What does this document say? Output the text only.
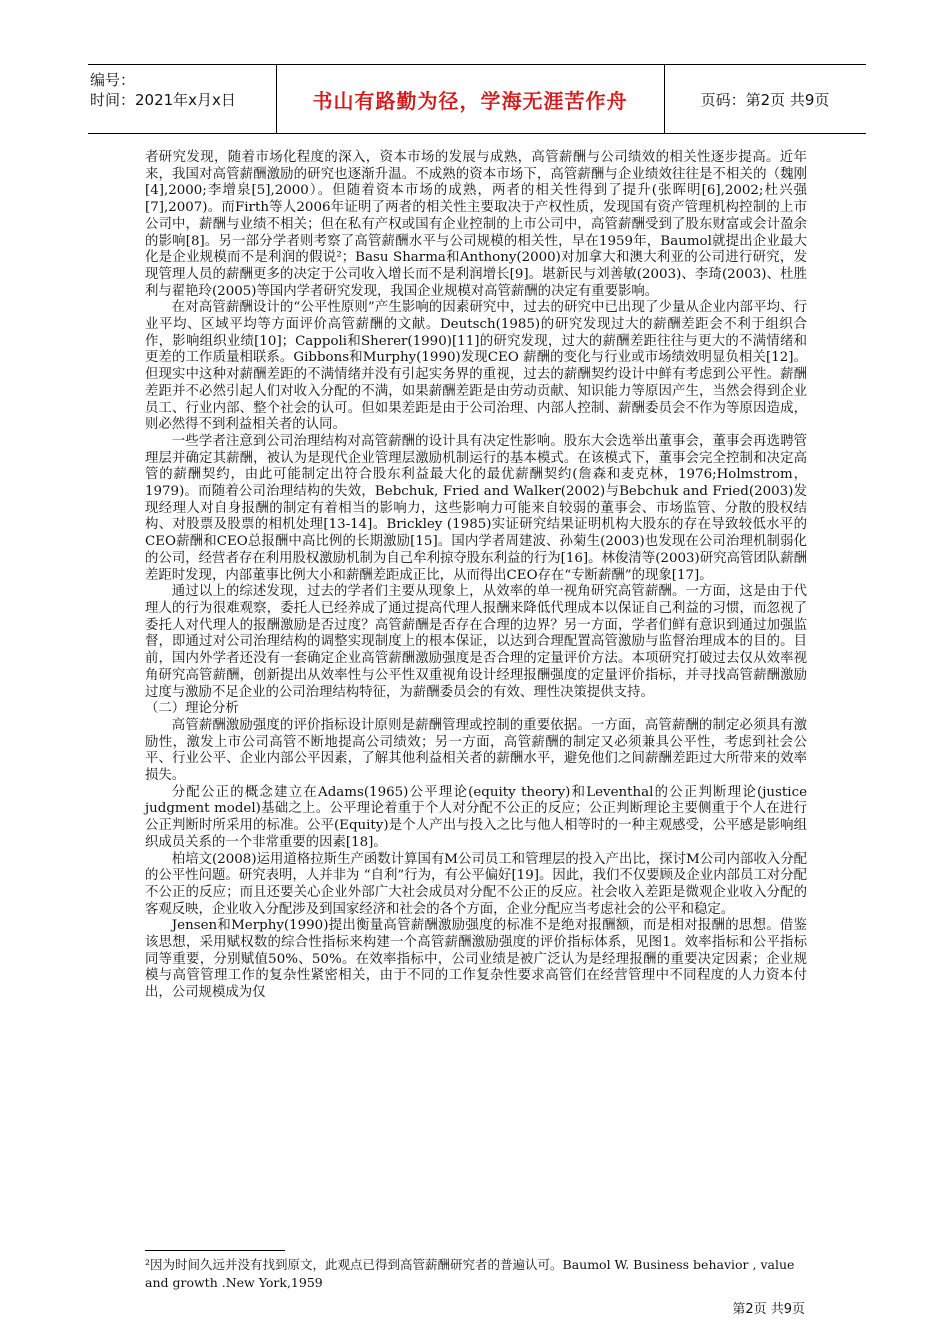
编号：
时间：2021年x月x日	书山有路勤为径，学海无涯苦作舟	页码：第2页 共9页

者研究发现，随着市场化程度的深入，资本市场的发展与成熟，高管薪酬与公司绩效的相关性逐步提高。近年来，我国对高管薪酬激励的研究也逐渐升温。不成熟的资本市场下，高管薪酬与企业绩效往往是不相关的（魏刚[4],2000;李增泉[5],2000）。但随着资本市场的成熟，两者的相关性得到了提升(张晖明[6],2002;杜兴强[7],2007)。而Firth等人2006年证明了两者的相关性主要取决于产权性质，发现国有资产管理机构控制的上市公司中，薪酬与业绩不相关；但在私有产权或国有企业控制的上市公司中，高管薪酬受到了股东财富或会计盈余的影响[8]。另一部分学者则考察了高管薪酬水平与公司规模的相关性，早在1959年，Baumol就提出企业最大化是企业规模而不是利润的假说²；Basu Sharma和Anthony(2000)对加拿大和澳大利亚的公司进行研究，发现管理人员的薪酬更多的决定于公司收入增长而不是利润增长[9]。堪新民与刘善敏(2003)、李琦(2003)、杜胜利与翟艳玲(2005)等国内学者研究发现，我国企业规模对高管薪酬的决定有重要影响。

在对高管薪酬设计的“公平性原则”产生影响的因素研究中，过去的研究中已出现了少量从企业内部平均、行业平均、区域平均等方面评价高管薪酬的文献。Deutsch(1985)的研究发现过大的薪酬差距会不利于组织合作，影响组织业绩[10]；Cappoli和Sherer(1990)[11]的研究发现，过大的薪酬差距往往与更大的不满情绪和更差的工作质量相联系。Gibbons和Murphy(1990)发现CEO 薪酬的变化与行业或市场绩效明显负相关[12]。但现实中这种对薪酬差距的不满情绪并没有引起实务界的重视，过去的薪酬契约设计中鲜有考虑到公平性。薪酬差距并不必然引起人们对收入分配的不满，如果薪酬差距是由劳动贡献、知识能力等原因产生，当然会得到企业员工、行业内部、整个社会的认可。但如果差距是由于公司治理、内部人控制、薪酬委员会不作为等原因造成，则必然得不到利益相关者的认同。

一些学者注意到公司治理结构对高管薪酬的设计具有决定性影响。股东大会选举出董事会，董事会再选聘管理层并确定其薪酬，被认为是现代企业管理层激励机制运行的基本模式。在该模式下，董事会完全控制和决定高管的薪酬契约，由此可能制定出符合股东利益最大化的最优薪酬契约(詹森和麦克林，1976;Holmstrom，1979)。而随着公司治理结构的失效，Bebchuk, Fried and Walker(2002)与Bebchuk and Fried(2003)发现经理人对自身报酬的制定有着相当的影响力，这些影响力可能来自较弱的董事会、市场监管、分散的股权结构、对股票及股票的相机处理[13-14]。Brickley (1985)实证研究结果证明机构大股东的存在导致较低水平的CEO薪酬和CEO总报酬中高比例的长期激励[15]。国内学者周建波、孙菊生(2003)也发现在公司治理机制弱化的公司，经营者存在利用股权激励机制为自己牟利掠夺股东利益的行为[16]。林俊清等(2003)研究高管团队薪酬差距时发现，内部董事比例大小和薪酬差距成正比，从而得出CEO存在“专断薪酬”的现象[17]。

通过以上的综述发现，过去的学者们主要从现象上，从效率的单一视角研究高管薪酬。一方面，这是由于代理人的行为很难观察，委托人已经养成了通过提高代理人报酬来降低代理成本以保证自己利益的习惯，而忽视了委托人对代理人的报酬激励是否过度？高管薪酬是否存在合理的边界？另一方面，学者们鲜有意识到通过加强监督，即通过对公司治理结构的调整实现制度上的根本保证，以达到合理配置高管激励与监督治理成本的目的。目前，国内外学者还没有一套确定企业高管薪酬激励强度是否合理的定量评价方法。本项研究打破过去仅从效率视角研究高管薪酬，创新提出从效率性与公平性双重视角设计经理报酬强度的定量评价指标，并寻找高管薪酬激励过度与激励不足企业的公司治理结构特征，为薪酬委员会的有效、理性决策提供支持。

（二）理论分析

高管薪酬激励强度的评价指标设计原则是薪酬管理或控制的重要依据。一方面，高管薪酬的制定必须具有激励性，激发上市公司高管不断地提高公司绩效；另一方面，高管薪酬的制定又必须兼具公平性，考虑到社会公平、行业公平、企业内部公平因素，了解其他利益相关者的薪酬水平，避免他们之间薪酬差距过大所带来的效率损失。

分配公正的概念建立在Adams(1965)公平理论(equity theory)和Leventhal的公正判断理论(justice judgment model)基础之上。公平理论着重于个人对分配不公正的反应；公正判断理论主要侧重于个人在进行公正判断时所采用的标准。公平(Equity)是个人产出与投入之比与他人相等时的一种主观感受，公平感是影响组织成员关系的一个非常重要的因素[18]。

柏培文(2008)运用道格拉斯生产函数计算国有M公司员工和管理层的投入产出比，探讨M公司内部收入分配的公平性问题。研究表明，人并非为 “自利”行为，有公平偏好[19]。因此，我们不仅要顾及企业内部员工对分配不公正的反应；而且还要关心企业外部广大社会成员对分配不公正的反应。社会收入差距是微观企业收入分配的客观反映，企业收入分配涉及到国家经济和社会的各个方面，企业分配应当考虑社会的公平和稳定。

Jensen和Merphy(1990)提出衡量高管薪酬激励强度的标准不是绝对报酬额，而是相对报酬的思想。借鉴该思想，采用赋权数的综合性指标来构建一个高管薪酬激励强度的评价指标体系，见图1。效率指标和公平指标同等重要，分别赋值50%、50%。在效率指标中，公司业绩是被广泛认为是经理报酬的重要决定因素；企业规模与高管管理工作的复杂性紧密相关，由于不同的工作复杂性要求高管们在经营管理中不同程度的人力资本付出，公司规模成为仅

²因为时间久远并没有找到原文，此观点已得到高管薪酬研究者的普遍认可。Baumol W. Business behavior , value and growth .New York,1959
第2页 共9页
